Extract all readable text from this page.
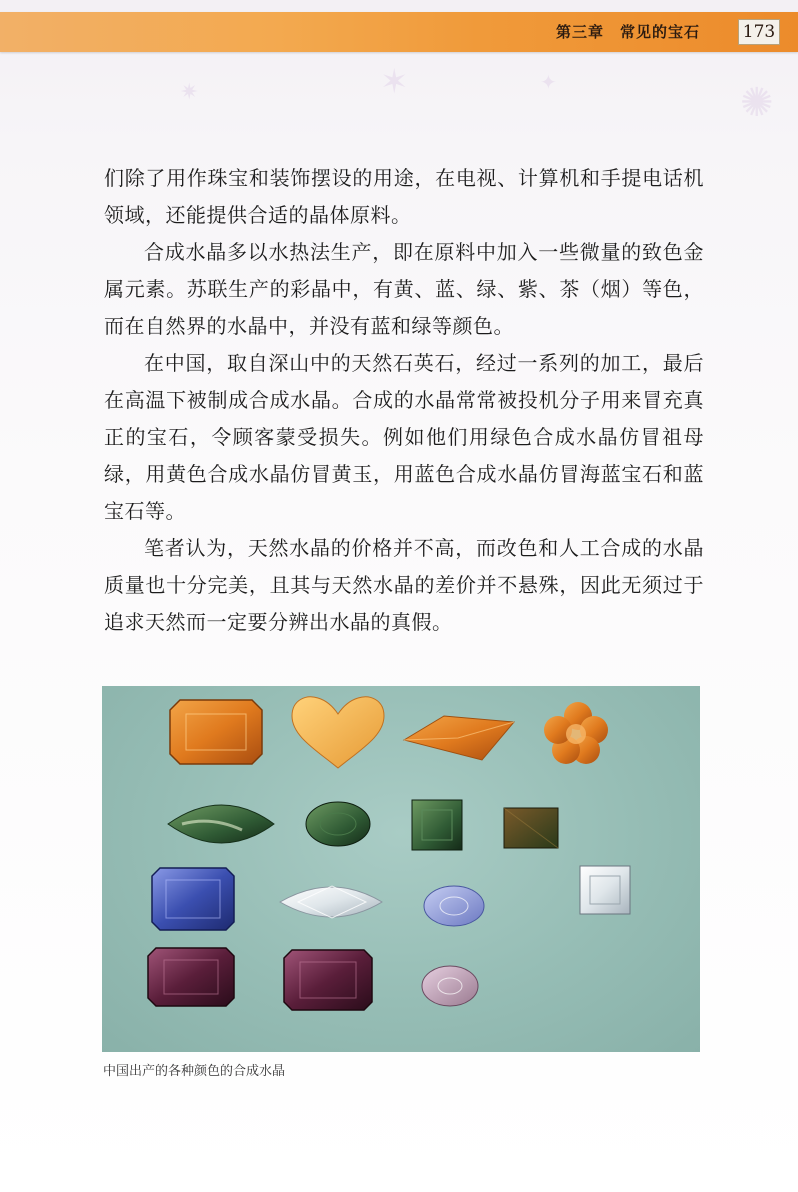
第三章　常见的宝石	173
✶
✷	✦	✺

们除了用作珠宝和装饰摆设的用途，在电视、计算机和手提电话机领域，还能提供合适的晶体原料。

合成水晶多以水热法生产，即在原料中加入一些微量的致色金属元素。苏联生产的彩晶中，有黄、蓝、绿、紫、茶（烟）等色，而在自然界的水晶中，并没有蓝和绿等颜色。

在中国，取自深山中的天然石英石，经过一系列的加工，最后在高温下被制成合成水晶。合成的水晶常常被投机分子用来冒充真正的宝石，令顾客蒙受损失。例如他们用绿色合成水晶仿冒祖母绿，用黄色合成水晶仿冒黄玉，用蓝色合成水晶仿冒海蓝宝石和蓝宝石等。

笔者认为，天然水晶的价格并不高，而改色和人工合成的水晶质量也十分完美，且其与天然水晶的差价并不悬殊，因此无须过于追求天然而一定要分辨出水晶的真假。

中国出产的各种颜色的合成水晶
